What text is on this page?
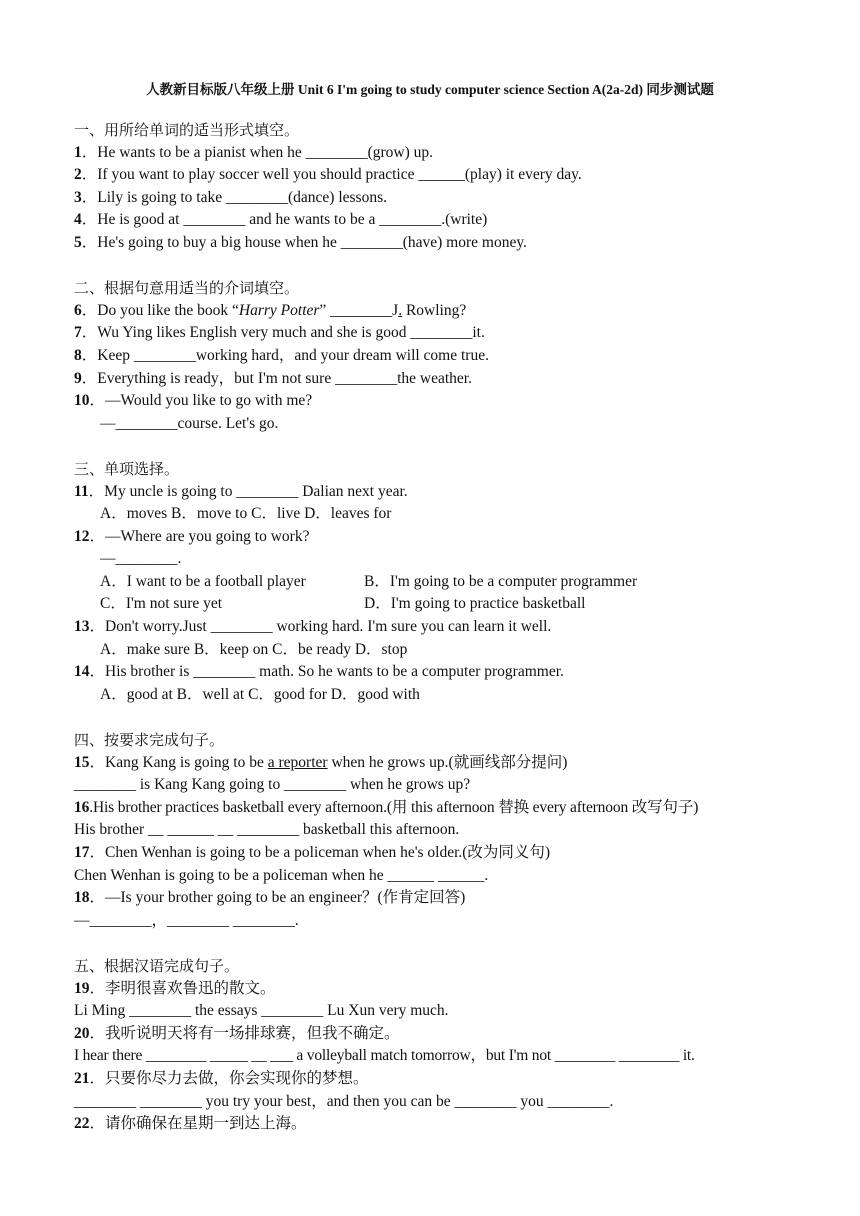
人教新目标版八年级上册 Unit 6 I'm going to study computer science Section A(2a-2d) 同步测试题
一、用所给单词的适当形式填空。
1．He wants to be a pianist when he ________(grow) up.
2．If you want to play soccer well you should practice ______(play) it every day.
3．Lily is going to take ________(dance) lessons.
4．He is good at ________ and he wants to be a ________.(write)
5．He's going to buy a big house when he ________(have) more money.
二、根据句意用适当的介词填空。
6．Do you like the book “Harry Potter” ________J. Rowling?
7．Wu Ying likes English very much and she is good ________it.
8．Keep ________working hard，and your dream will come true.
9．Everything is ready，but I'm not sure ________the weather.
10．—Would you like to go with me?
—________course. Let's go.
三、单项选择。
11．My uncle is going to ________ Dalian next year.
A．moves B．move to C．live D．leaves for
12．—Where are you going to work?
—________.
A．I want to be a football player	B．I'm going to be a computer programmer
C．I'm not sure yet	D．I'm going to practice basketball
13．Don't worry.Just ________ working hard. I'm sure you can learn it well.
A．make sure B．keep on C．be ready D．stop
14．His brother is ________ math. So he wants to be a computer programmer.
A．good at B．well at C．good for D．good with
四、按要求完成句子。
15．Kang Kang is going to be a reporter when he grows up.(就画线部分提问)
________ is Kang Kang going to ________ when he grows up?
16.His brother practices basketball every afternoon.(用 this afternoon 替换 every afternoon 改写句子)
His brother __ ______ __ ________ basketball this afternoon.
17．Chen Wenhan is going to be a policeman when he's older.(改为同义句)
Chen Wenhan is going to be a policeman when he ______ ______.
18．—Is your brother going to be an engineer？(作肯定回答)
—________，________ ________.
五、根据汉语完成句子。
19．李明很喜欢鲁迅的散文。
Li Ming ________ the essays ________ Lu Xun very much.
20．我听说明天将有一场排球赛，但我不确定。
I hear there ________ _____ __ ___ a volleyball match tomorrow，but I'm not ________ ________ it.
21．只要你尽力去做，你会实现你的梦想。
________ ________ you try your best，and then you can be ________ you ________.
22．请你确保在星期一到达上海。
